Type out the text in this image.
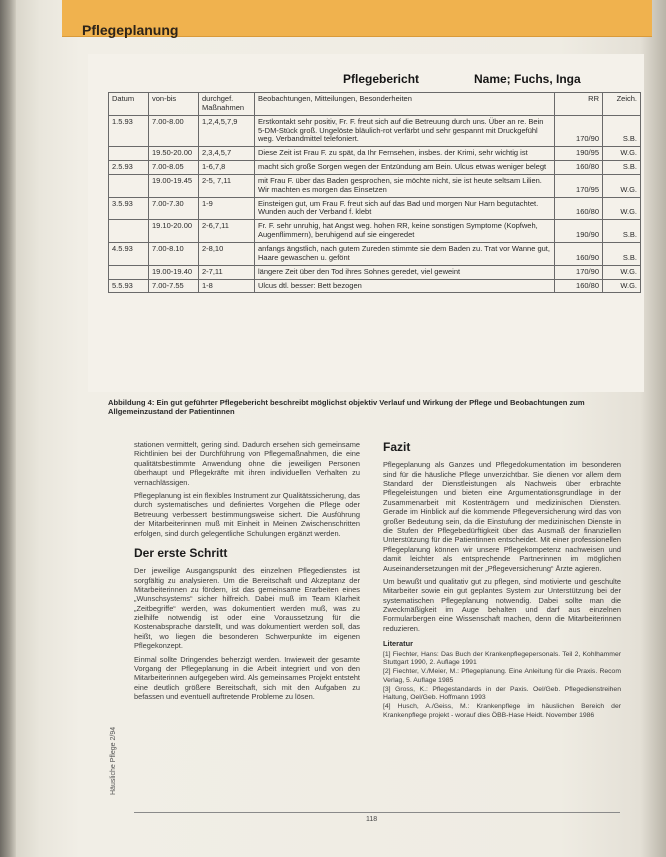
Pflegeplanung
Pflegebericht	Name; Fuchs, Inga
Datum	von-bis	durchgef. Maßnahmen	Beobachtungen, Mitteilungen, Besonderheiten	RR	Zeich.
1.5.93	7.00-8.00	1,2,4,5,7,9	Erstkontakt sehr positiv, Fr. F. freut sich auf die Betreuung durch uns. Über an re. Bein 5-DM-Stück groß. Ungelöste bläulich-rot verfärbt und sehr gespannt mit Druckgefühl weg. Verbandmittel telefoniert.	170/90	S.B.
	19.50-20.00	2,3,4,5,7	Diese Zeit ist Frau F. zu spät, da Ihr Fernsehen, insbes. der Krimi, sehr wichtig ist	190/95	W.G.
2.5.93	7.00-8.05	1-6,7,8	macht sich große Sorgen wegen der Entzündung am Bein. Ulcus etwas weniger belegt	160/80	S.B.
	19.00-19.45	2-5, 7,11	mit Frau F. über das Baden gesprochen, sie möchte nicht, sie ist heute seltsam Lilien. Wir machten es morgen das Einsetzen	170/95	W.G.
3.5.93	7.00-7.30	1-9	Einsteigen gut, um Frau F. freut sich auf das Bad und morgen Nur Harn begutachtet. Wunden auch der Verband f. klebt	160/80	W.G.
	19.10-20.00	2-6,7,11	Fr. F. sehr unruhig, hat Angst weg. hohen RR, keine sonstigen Symptome (Kopfweh, Augenflimmern), beruhigend auf sie eingeredet	190/90	S.B.
4.5.93	7.00-8.10	2-8,10	anfangs ängstlich, nach gutem Zureden stimmte sie dem Baden zu. Trat vor Wanne gut, Haare gewaschen u. gefönt	160/90	S.B.
	19.00-19.40	2-7,11	längere Zeit über den Tod ihres Sohnes geredet, viel geweint	170/90	W.G.
5.5.93	7.00-7.55	1-8	Ulcus dtl. besser: Bett bezogen	160/80	W.G.
Abbildung 4: Ein gut geführter Pflegebericht beschreibt möglichst objektiv Verlauf und Wirkung der Pflege und Beobachtungen zum Allgemeinzustand der Patientinnen

stationen vermittelt, gering sind. Dadurch ersehen sich gemeinsame Richtlinien bei der Durchführung von Pflegemaßnahmen, die eine qualitätsbestimmte Anwendung ohne die jeweiligen Personen überhaupt und Pflegekräfte mit ihren individuellen Verhalten zu vernachlässigen.

Pflegeplanung ist ein flexibles Instrument zur Qualitätssicherung, das durch systematisches und definiertes Vorgehen die Pflege oder Betreuung verbessert bestimmungsweise sichert. Die Ausführung der Mitarbeiterinnen muß mit Einheit in Meinen Zwischenschritten erfolgen, sind durch gelegentliche Schulungen ergänzt werden.

Der erste Schritt

Der jeweilige Ausgangspunkt des einzelnen Pflegedienstes ist sorgfältig zu analysieren. Um die Bereitschaft und Akzeptanz der Mitarbeiterinnen zu fördern, ist das gemeinsame Erarbeiten eines „Wunschsystems“ sicher hilfreich. Dabei muß im Team Klarheit „Zeitbegriffe“ werden, was dokumentiert werden muß, was zu zielhilfe notwendig ist oder eine Voraussetzung für die Kostenabsprache darstellt, und was dokumentiert werden soll, das heißt, wo liegen die besonderen Schwerpunkte im eigenen Pflegekonzept.

Einmal sollte Dringendes beherzigt werden. Inwieweit der gesamte Vorgang der Pflegeplanung in die Arbeit integriert und von den Mitarbeiterinnen aufgegeben wird. Als gemeinsames Projekt entsteht eine deutlich größere Bereitschaft, sich mit den Aufgaben zu befassen und eventuell auftretende Probleme zu lösen.

Fazit

Pflegeplanung als Ganzes und Pflegedokumentation im besonderen sind für die häusliche Pflege unverzichtbar. Sie dienen vor allem dem Standard der Dienstleistungen als Nachweis über erbrachte Pflegeleistungen und bieten eine Argumentationsgrundlage in der Zusammenarbeit mit Kostenträgern und medizinischen Diensten. Gerade im Hinblick auf die kommende Pflegeversicherung wird das von großer Bedeutung sein, da die Einstufung der medizinischen Dienste in die Stufen der Pflegebedürftigkeit über das Ausmaß der finanziellen Unterstützung für die Patientinnen entscheidet. Mit einer professionellen Pflegeplanung können wir unsere Pflegekompetenz nachweisen und damit leichter als entsprechende Partnerinnen im möglichen Auseinandersetzungen mit der „Pflegeversicherung“ Ärzte agieren.

Um bewußt und qualitativ gut zu pflegen, sind motivierte und geschulte Mitarbeiter sowie ein gut geplantes System zur Unterstützung bei der systematischen Pflegeplanung notwendig. Dabei sollte man die Zweckmäßigkeit im Auge behalten und darf aus einzelnen Formularbergen eine Wissenschaft machen, denn die Mitarbeiterinnen reduzieren.

Literatur

[1] Fiechter, Hans: Das Buch der Krankenpflegepersonals. Teil 2, Kohlhammer Stuttgart 1990, 2. Auflage 1991

[2] Fiechter, V./Meier, M.: Pflegeplanung. Eine Anleitung für die Praxis. Recom Verlag, 5. Auflage 1985

[3] Gross, K.: Pflegestandards in der Paxis. Oel/Geb. Pflegedienstreihen Haltung, Oel/Geb. Hoffmann 1993

[4] Husch, A./Geiss, M.: Krankenpflege im häuslichen Bereich der Krankenpflege projekt - worauf dies ÖBB-Hase Heidt. November 1986

Häusliche Pflege 2/94
118
